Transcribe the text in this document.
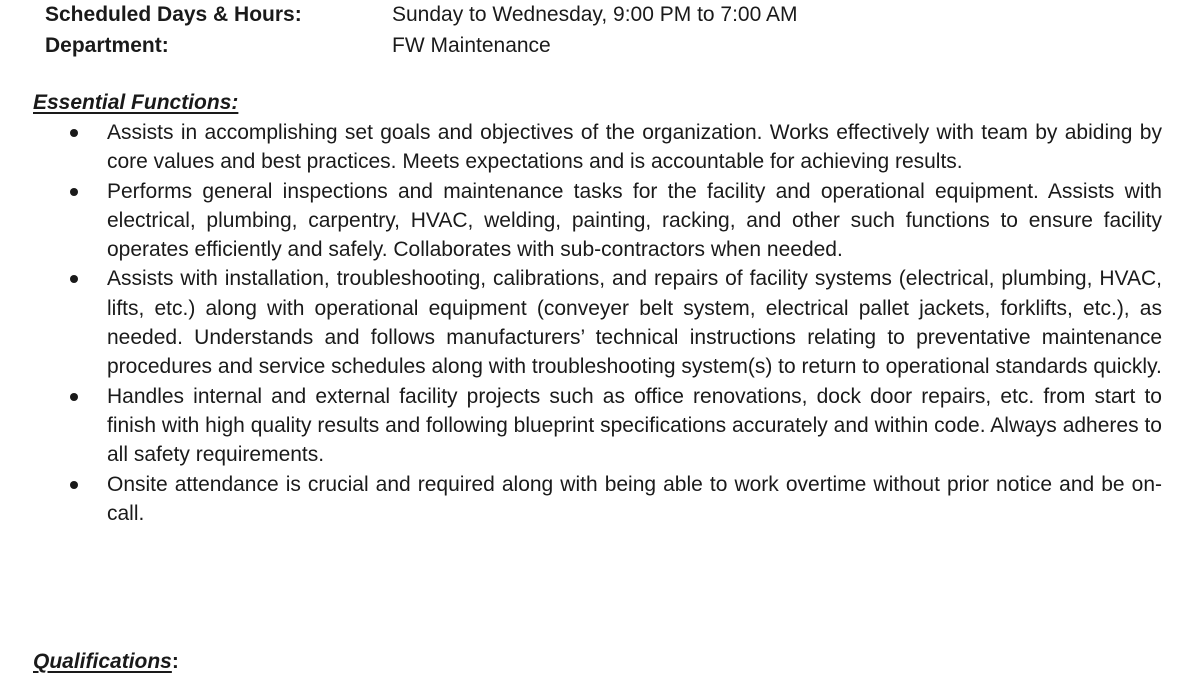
Scheduled Days & Hours:	Sunday to Wednesday, 9:00 PM to 7:00 AM
Department:	FW Maintenance
Essential Functions:
Assists in accomplishing set goals and objectives of the organization. Works effectively with team by abiding by core values and best practices. Meets expectations and is accountable for achieving results.
Performs general inspections and maintenance tasks for the facility and operational equipment. Assists with electrical, plumbing, carpentry, HVAC, welding, painting, racking, and other such functions to ensure facility operates efficiently and safely. Collaborates with sub-contractors when needed.
Assists with installation, troubleshooting, calibrations, and repairs of facility systems (electrical, plumbing, HVAC, lifts, etc.) along with operational equipment (conveyer belt system, electrical pallet jackets, forklifts, etc.), as needed. Understands and follows manufacturers’ technical instructions relating to preventative maintenance procedures and service schedules along with troubleshooting system(s) to return to operational standards quickly.
Handles internal and external facility projects such as office renovations, dock door repairs, etc. from start to finish with high quality results and following blueprint specifications accurately and within code. Always adheres to all safety requirements.
Onsite attendance is crucial and required along with being able to work overtime without prior notice and be on-call.
Qualifications:
